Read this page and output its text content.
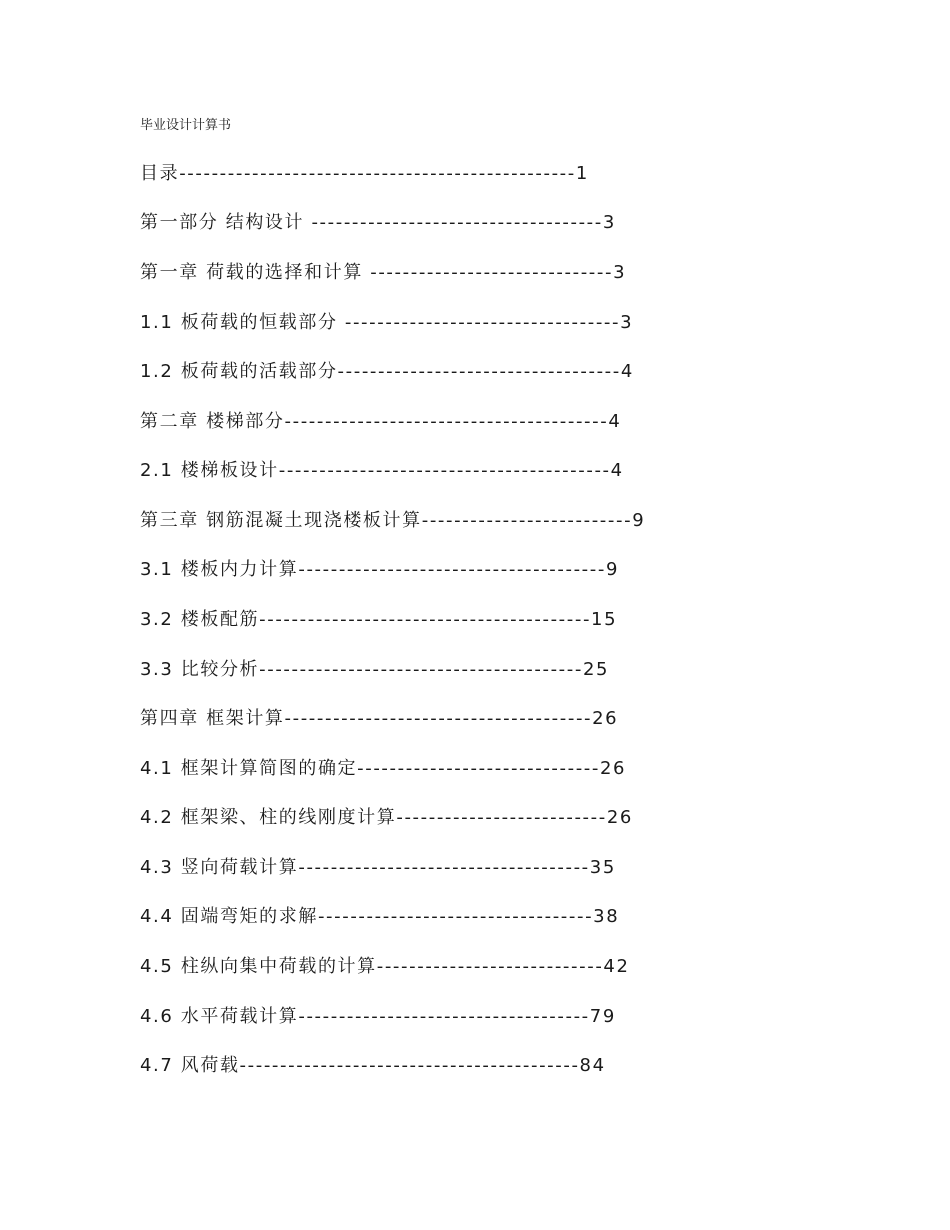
毕业设计计算书
目录-------------------------------------------------1
第一部分 结构设计 ------------------------------------3
第一章 荷载的选择和计算 ------------------------------3
1.1 板荷载的恒载部分 ----------------------------------3
1.2 板荷载的活载部分-----------------------------------4
第二章 楼梯部分----------------------------------------4
2.1 楼梯板设计-----------------------------------------4
第三章 钢筋混凝土现浇楼板计算--------------------------9
3.1 楼板内力计算--------------------------------------9
3.2 楼板配筋-----------------------------------------15
3.3 比较分析----------------------------------------25
第四章 框架计算--------------------------------------26
4.1 框架计算简图的确定------------------------------26
4.2 框架梁、柱的线刚度计算--------------------------26
4.3 竖向荷载计算------------------------------------35
4.4 固端弯矩的求解----------------------------------38
4.5 柱纵向集中荷载的计算----------------------------42
4.6 水平荷载计算------------------------------------79
4.7 风荷载------------------------------------------84
